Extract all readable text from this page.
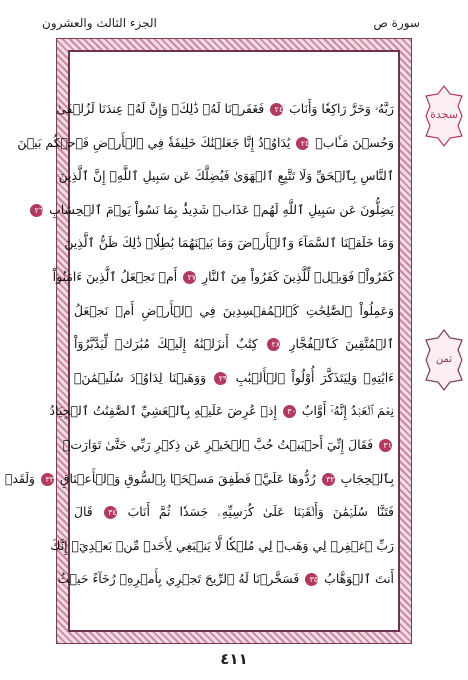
سورة ص
الجزء الثالث والعشرون
سجدة
ثمن
رَبَّهُۥ وَخَرَّ رَاكِعٗا وَأَنَابَ ٢٤ فَغَفَرۡنَا لَهُۥ ذَٰلِكَۖ وَإِنَّ لَهُۥ عِندَنَا لَزُلۡفَىٰ
وَحُسۡنَ مَـَٔابٖ ٢٥ يَٰدَاوُۥدُ إِنَّا جَعَلۡنَٰكَ خَلِيفَةٗ فِي ٱلۡأَرۡضِ فَٱحۡكُم بَيۡنَ
ٱلنَّاسِ بِٱلۡحَقِّ وَلَا تَتَّبِعِ ٱلۡهَوَىٰ فَيُضِلَّكَ عَن سَبِيلِ ٱللَّهِۚ إِنَّ ٱلَّذِينَ
يَضِلُّونَ عَن سَبِيلِ ٱللَّهِ لَهُمۡ عَذَابٞ شَدِيدُۢ بِمَا نَسُواْ يَوۡمَ ٱلۡحِسَابِ ٢٦
وَمَا خَلَقۡنَا ٱلسَّمَآءَ وَٱلۡأَرۡضَ وَمَا بَيۡنَهُمَا بَٰطِلٗاۚ ذَٰلِكَ ظَنُّ ٱلَّذِينَ
كَفَرُواْۚ فَوَيۡلٞ لِّلَّذِينَ كَفَرُواْ مِنَ ٱلنَّارِ ٢٧ أَمۡ نَجۡعَلُ ٱلَّذِينَ ءَامَنُواْ
وَعَمِلُواْ ٱلصَّٰلِحَٰتِ كَٱلۡمُفۡسِدِينَ فِي ٱلۡأَرۡضِ أَمۡ نَجۡعَلُ
ٱلۡمُتَّقِينَ كَٱلۡفُجَّارِ ٢٨ كِتَٰبٌ أَنزَلۡنَٰهُ إِلَيۡكَ مُبَٰرَكٞ لِّيَدَّبَّرُوٓاْ
ءَايَٰتِهِۦ وَلِيَتَذَكَّرَ أُوْلُواْ ٱلۡأَلۡبَٰبِ ٢٩ وَوَهَبۡنَا لِدَاوُۥدَ سُلَيۡمَٰنَۚ
نِعۡمَ ٱلۡعَبۡدُ إِنَّهُۥٓ أَوَّابٌ ٣٠ إِذۡ عُرِضَ عَلَيۡهِ بِٱلۡعَشِيِّ ٱلصَّٰفِنَٰتُ ٱلۡجِيَادُ
٣١ فَقَالَ إِنِّيٓ أَحۡبَبۡتُ حُبَّ ٱلۡخَيۡرِ عَن ذِكۡرِ رَبِّي حَتَّىٰ تَوَارَتۡ
بِٱلۡحِجَابِ ٣٢ رُدُّوهَا عَلَيَّۖ فَطَفِقَ مَسۡحَۢا بِٱلسُّوقِ وَٱلۡأَعۡنَاقِ ٣٣ وَلَقَدۡ
فَتَنَّا سُلَيۡمَٰنَ وَأَلۡقَيۡنَا عَلَىٰ كُرۡسِيِّهِۦ جَسَدٗا ثُمَّ أَنَابَ ٣٤ قَالَ
رَبِّ ٱغۡفِرۡ لِي وَهَبۡ لِي مُلۡكٗا لَّا يَنۢبَغِي لِأَحَدٖ مِّنۢ بَعۡدِيٓۖ إِنَّكَ
أَنتَ ٱلۡوَهَّابُ ٣٥ فَسَخَّرۡنَا لَهُ ٱلرِّيحَ تَجۡرِي بِأَمۡرِهِۦ رُخَآءً حَيۡثُ
٤١١
